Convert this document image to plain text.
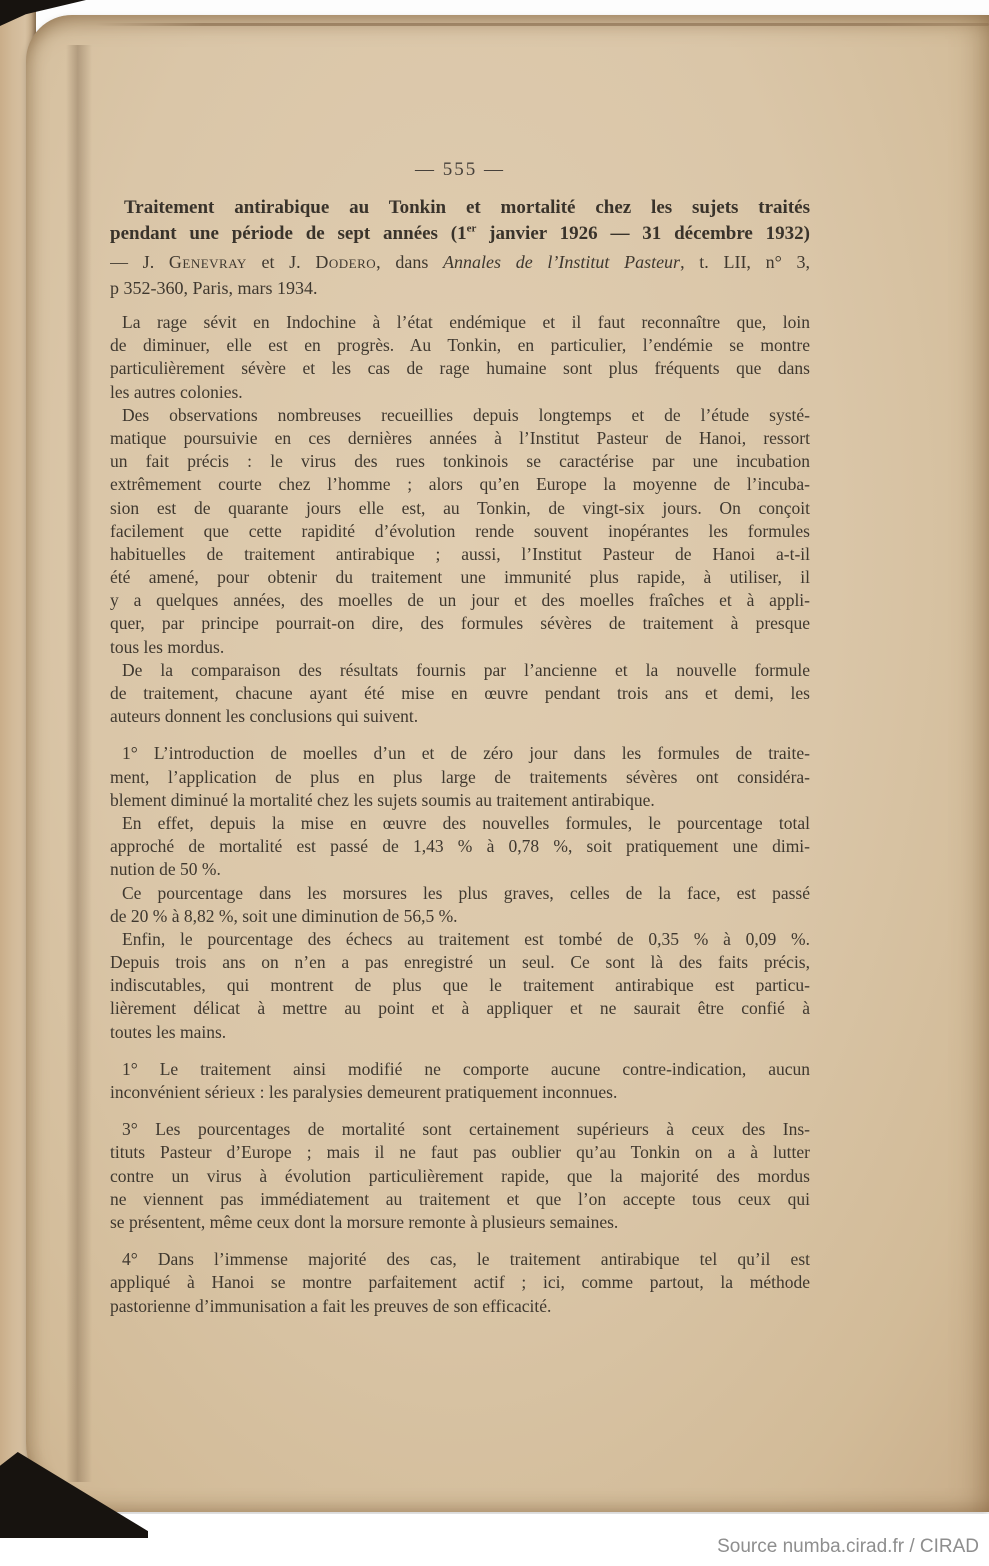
— 555 —
Traitement antirabique au Tonkin et mortalité chez les sujets traités
pendant une période de sept années (1er janvier 1926 — 31 décembre 1932)
— J. Genevray et J. Dodero, dans Annales de l’Institut Pasteur, t. LII, n° 3,
p 352-360, Paris, mars 1934.
La rage sévit en Indochine à l’état endémique et il faut reconnaître que, loin
de diminuer, elle est en progrès. Au Tonkin, en particulier, l’endémie se montre
particulièrement sévère et les cas de rage humaine sont plus fréquents que dans
les autres colonies.
Des observations nombreuses recueillies depuis longtemps et de l’étude systé-
matique poursuivie en ces dernières années à l’Institut Pasteur de Hanoi, ressort
un fait précis : le virus des rues tonkinois se caractérise par une incubation
extrêmement courte chez l’homme ; alors qu’en Europe la moyenne de l’incuba-
sion est de quarante jours elle est, au Tonkin, de vingt-six jours. On conçoit
facilement que cette rapidité d’évolution rende souvent inopérantes les formules
habituelles de traitement antirabique ; aussi, l’Institut Pasteur de Hanoi a-t-il
été amené, pour obtenir du traitement une immunité plus rapide, à utiliser, il
y a quelques années, des moelles de un jour et des moelles fraîches et à appli-
quer, par principe pourrait-on dire, des formules sévères de traitement à presque
tous les mordus.
De la comparaison des résultats fournis par l’ancienne et la nouvelle formule
de traitement, chacune ayant été mise en œuvre pendant trois ans et demi, les
auteurs donnent les conclusions qui suivent.
1° L’introduction de moelles d’un et de zéro jour dans les formules de traite-
ment, l’application de plus en plus large de traitements sévères ont considéra-
blement diminué la mortalité chez les sujets soumis au traitement antirabique.
En effet, depuis la mise en œuvre des nouvelles formules, le pourcentage total
approché de mortalité est passé de 1,43 % à 0,78 %, soit pratiquement une dimi-
nution de 50 %.
Ce pourcentage dans les morsures les plus graves, celles de la face, est passé
de 20 % à 8,82 %, soit une diminution de 56,5 %.
Enfin, le pourcentage des échecs au traitement est tombé de 0,35 % à 0,09 %.
Depuis trois ans on n’en a pas enregistré un seul. Ce sont là des faits précis,
indiscutables, qui montrent de plus que le traitement antirabique est particu-
lièrement délicat à mettre au point et à appliquer et ne saurait être confié à
toutes les mains.
1° Le traitement ainsi modifié ne comporte aucune contre-indication, aucun
inconvénient sérieux : les paralysies demeurent pratiquement inconnues.
3° Les pourcentages de mortalité sont certainement supérieurs à ceux des Ins-
tituts Pasteur d’Europe ; mais il ne faut pas oublier qu’au Tonkin on a à lutter
contre un virus à évolution particulièrement rapide, que la majorité des mordus
ne viennent pas immédiatement au traitement et que l’on accepte tous ceux qui
se présentent, même ceux dont la morsure remonte à plusieurs semaines.
4° Dans l’immense majorité des cas, le traitement antirabique tel qu’il est
appliqué à Hanoi se montre parfaitement actif ; ici, comme partout, la méthode
pastorienne d’immunisation a fait les preuves de son efficacité.
Source numba.cirad.fr / CIRAD
